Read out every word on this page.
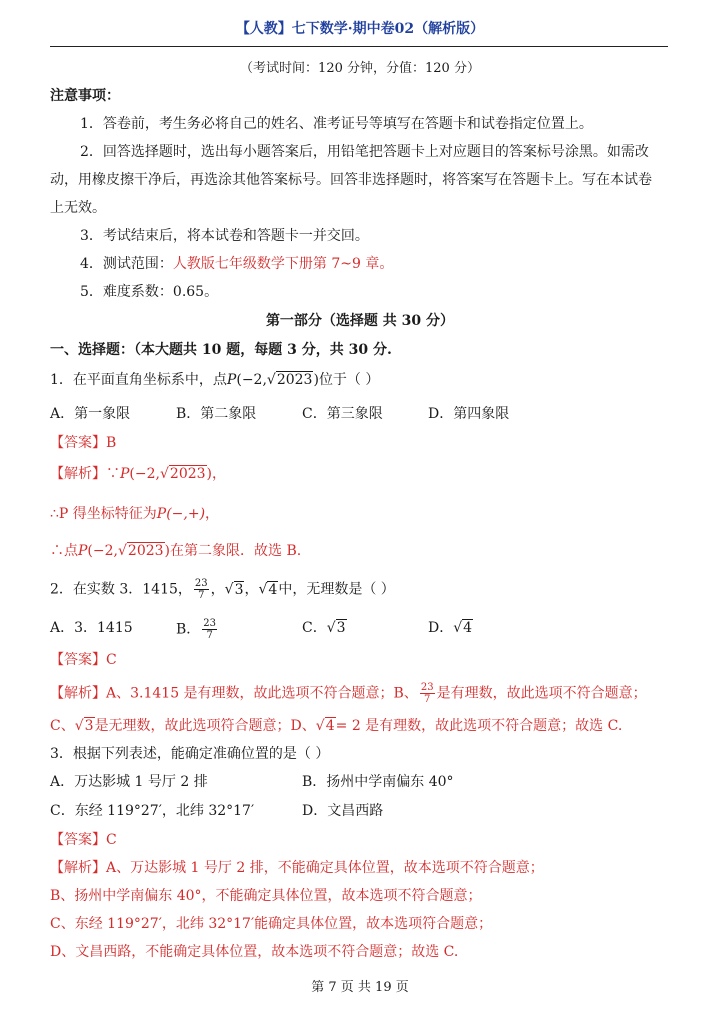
【人教】七下数学·期中卷02（解析版）
（考试时间：120 分钟，分值：120 分）
注意事项：
1．答卷前，考生务必将自己的姓名、准考证号等填写在答题卡和试卷指定位置上。
2．回答选择题时，选出每小题答案后，用铅笔把答题卡上对应题目的答案标号涂黑。如需改
动，用橡皮擦干净后，再选涂其他答案标号。回答非选择题时，将答案写在答题卡上。写在本试卷
上无效。
3．考试结束后，将本试卷和答题卡一并交回。
4．测试范围：人教版七年级数学下册第 7~9 章。
5．难度系数：0.65。
第一部分（选择题 共 30 分）
一、选择题：（本大题共 10 题，每题 3 分，共 30 分.
1．在平面直角坐标系中，点P(−2,√2023)位于（ ）
A．第一象限	B．第二象限	C．第三象限	D．第四象限
【答案】B
【解析】∵P(−2,√2023)，
∴P 得坐标特征为P(−,+)，
∴点P(−2,√2023)在第二象限．故选 B.
2．在实数 3．1415， $\frac{23}{7}$ ，√3，√4中，无理数是（ ）
A．3．1415	B． $\frac{23}{7}$	C．√3	D．√4
【答案】C
【解析】A、3.1415 是有理数，故此选项不符合题意；B、 $\frac{23}{7}$ 是有理数，故此选项不符合题意；
C、√3是无理数，故此选项符合题意；D、√4= 2 是有理数，故此选项不符合题意；故选 C.
3．根据下列表述，能确定准确位置的是（ ）
A．万达影城 1 号厅 2 排	B．扬州中学南偏东 40°
C．东经 119°27′，北纬 32°17′	D．文昌西路
【答案】C
【解析】A、万达影城 1 号厅 2 排，不能确定具体位置，故本选项不符合题意；
B、扬州中学南偏东 40°，不能确定具体位置，故本选项不符合题意；
C、东经 119°27′，北纬 32°17′能确定具体位置，故本选项符合题意；
D、文昌西路，不能确定具体位置，故本选项不符合题意；故选 C.
第 7 页 共 19 页
